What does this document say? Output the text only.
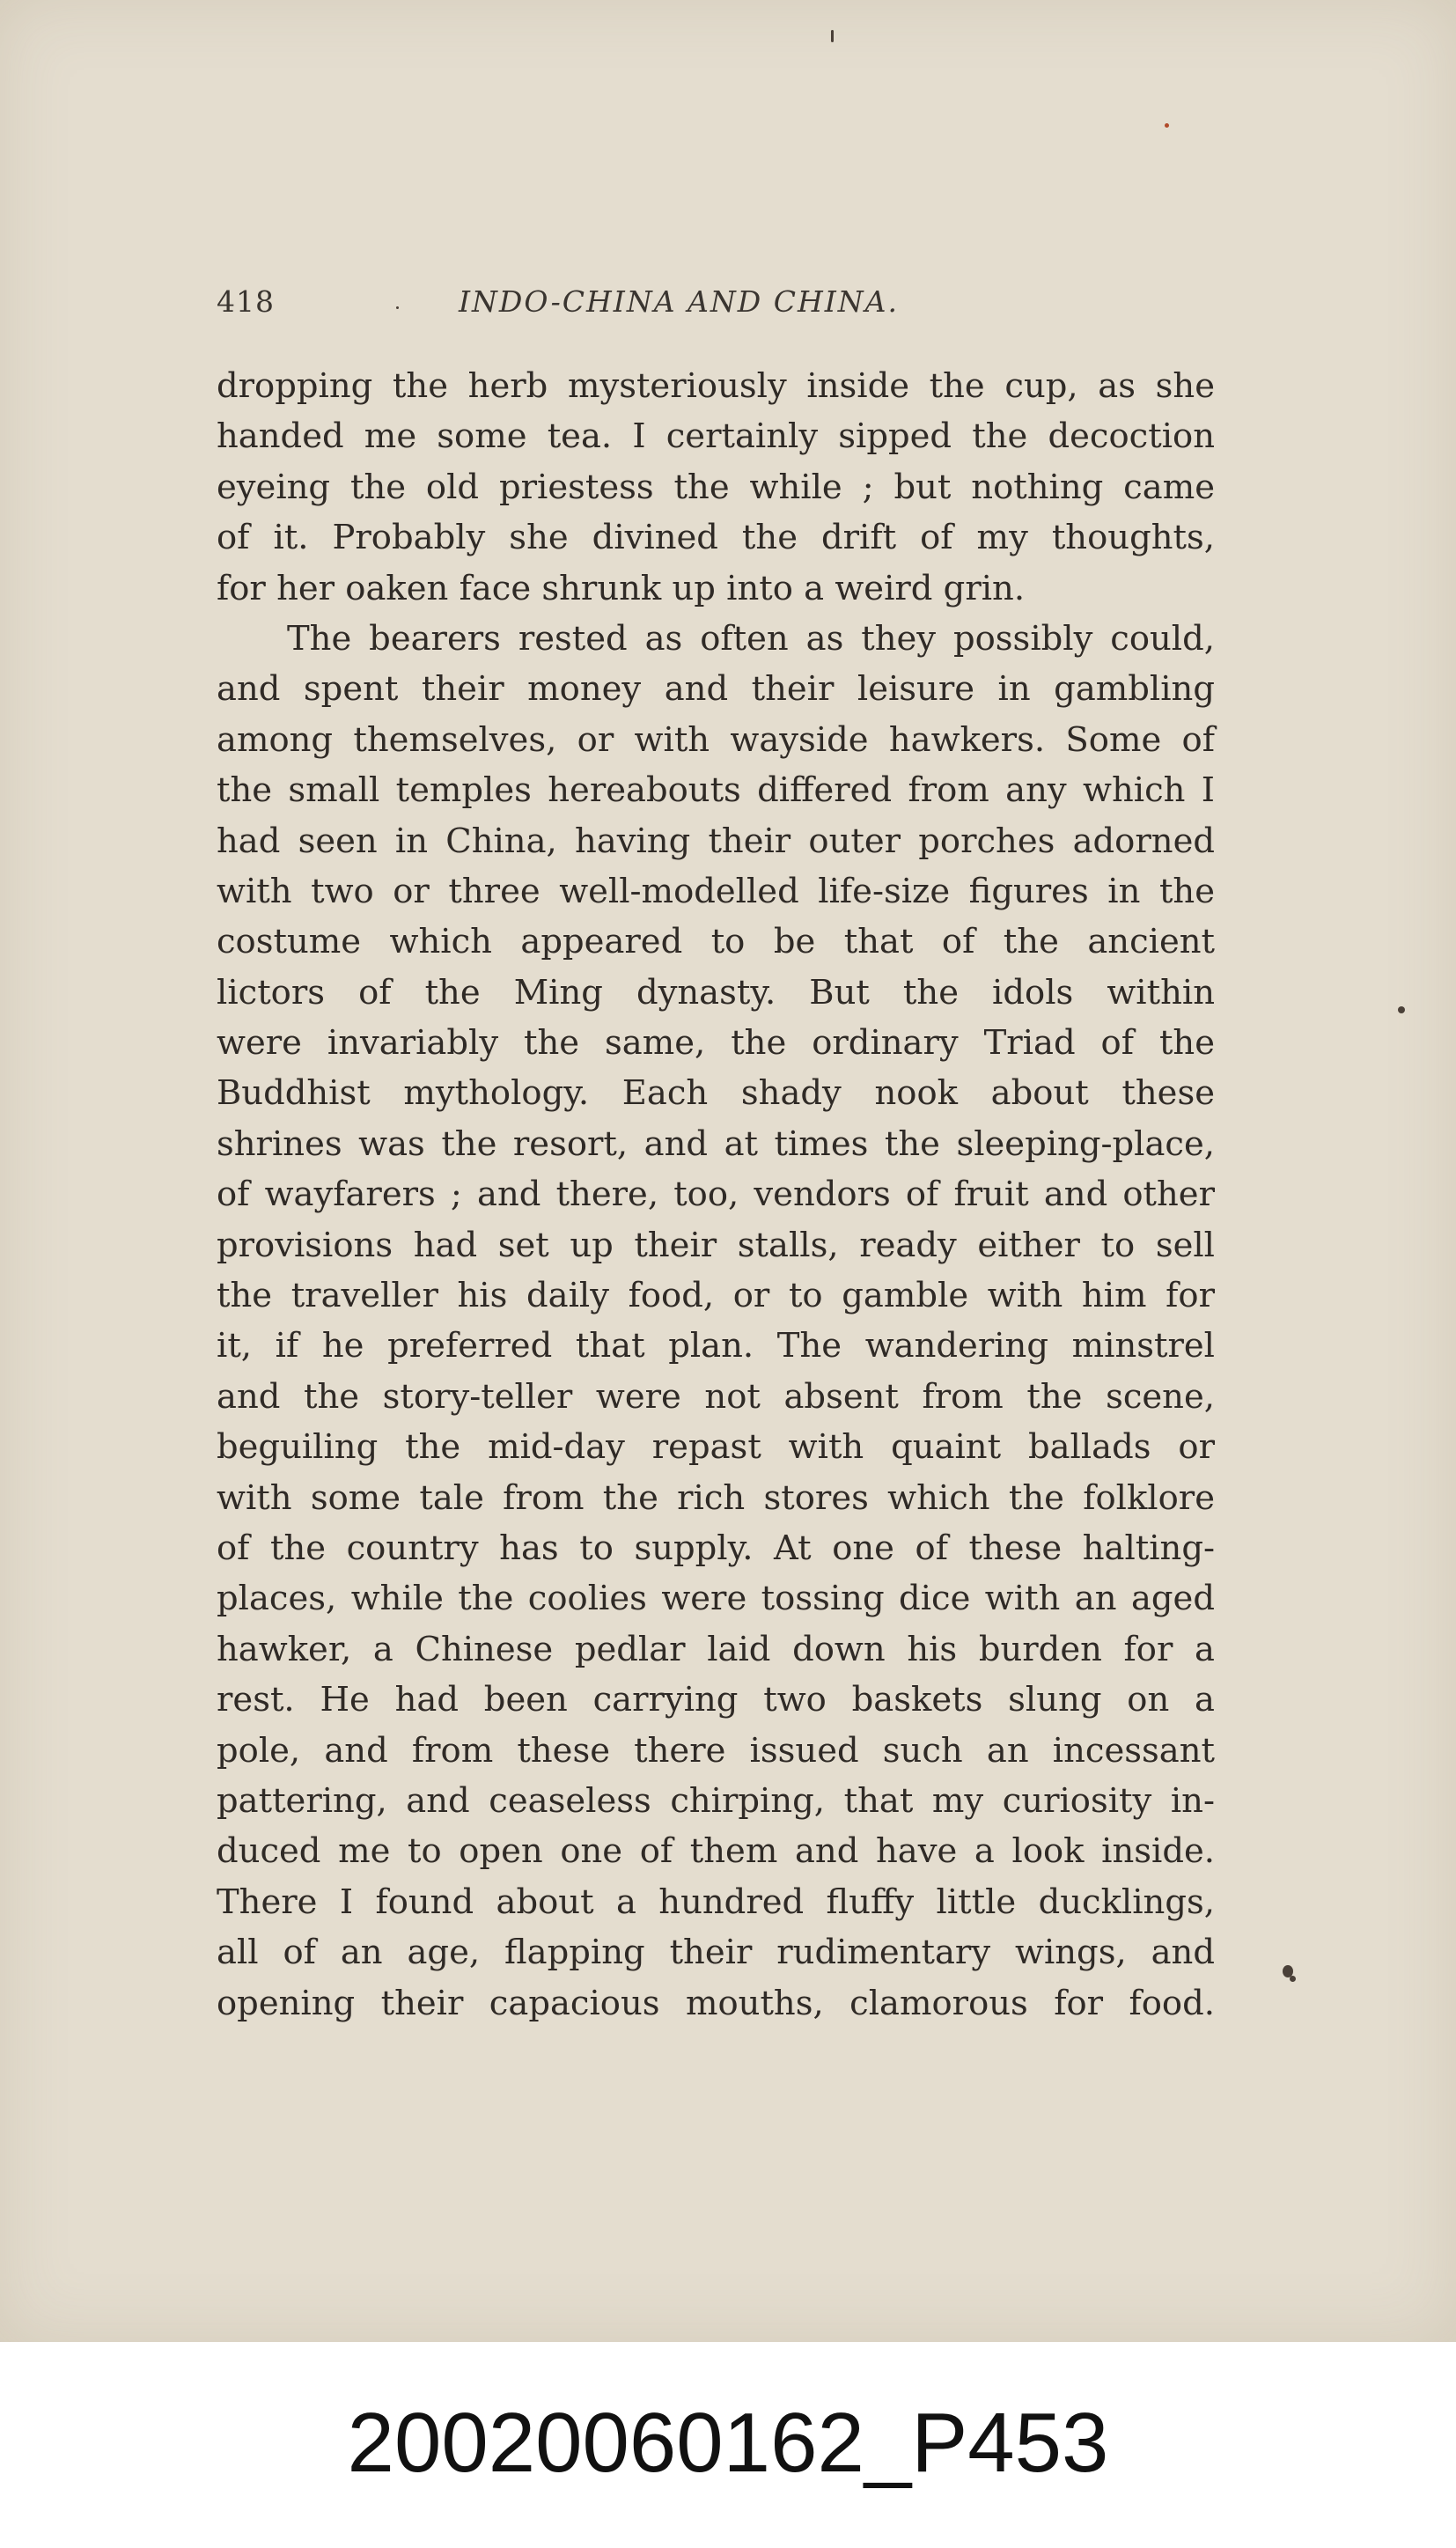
418	INDO-CHINA AND CHINA.
dropping the herb mysteriously inside the cup, as she
handed me some tea. I certainly sipped the decoction
eyeing the old priestess the while ; but nothing came
of it. Probably she divined the drift of my thoughts,
for her oaken face shrunk up into a weird grin.
The bearers rested as often as they possibly could,
and spent their money and their leisure in gambling
among themselves, or with wayside hawkers. Some of
the small temples hereabouts differed from any which I
had seen in China, having their outer porches adorned
with two or three well-modelled life-size figures in the
costume which appeared to be that of the ancient
lictors of the Ming dynasty. But the idols within
were invariably the same, the ordinary Triad of the
Buddhist mythology. Each shady nook about these
shrines was the resort, and at times the sleeping-place,
of wayfarers ; and there, too, vendors of fruit and other
provisions had set up their stalls, ready either to sell
the traveller his daily food, or to gamble with him for
it, if he preferred that plan. The wandering minstrel
and the story-teller were not absent from the scene,
beguiling the mid-day repast with quaint ballads or
with some tale from the rich stores which the folklore
of the country has to supply. At one of these halting-
places, while the coolies were tossing dice with an aged
hawker, a Chinese pedlar laid down his burden for a
rest. He had been carrying two baskets slung on a
pole, and from these there issued such an incessant
pattering, and ceaseless chirping, that my curiosity in-
duced me to open one of them and have a look inside.
There I found about a hundred fluffy little ducklings,
all of an age, flapping their rudimentary wings, and
opening their capacious mouths, clamorous for food.
20020060162_P453
